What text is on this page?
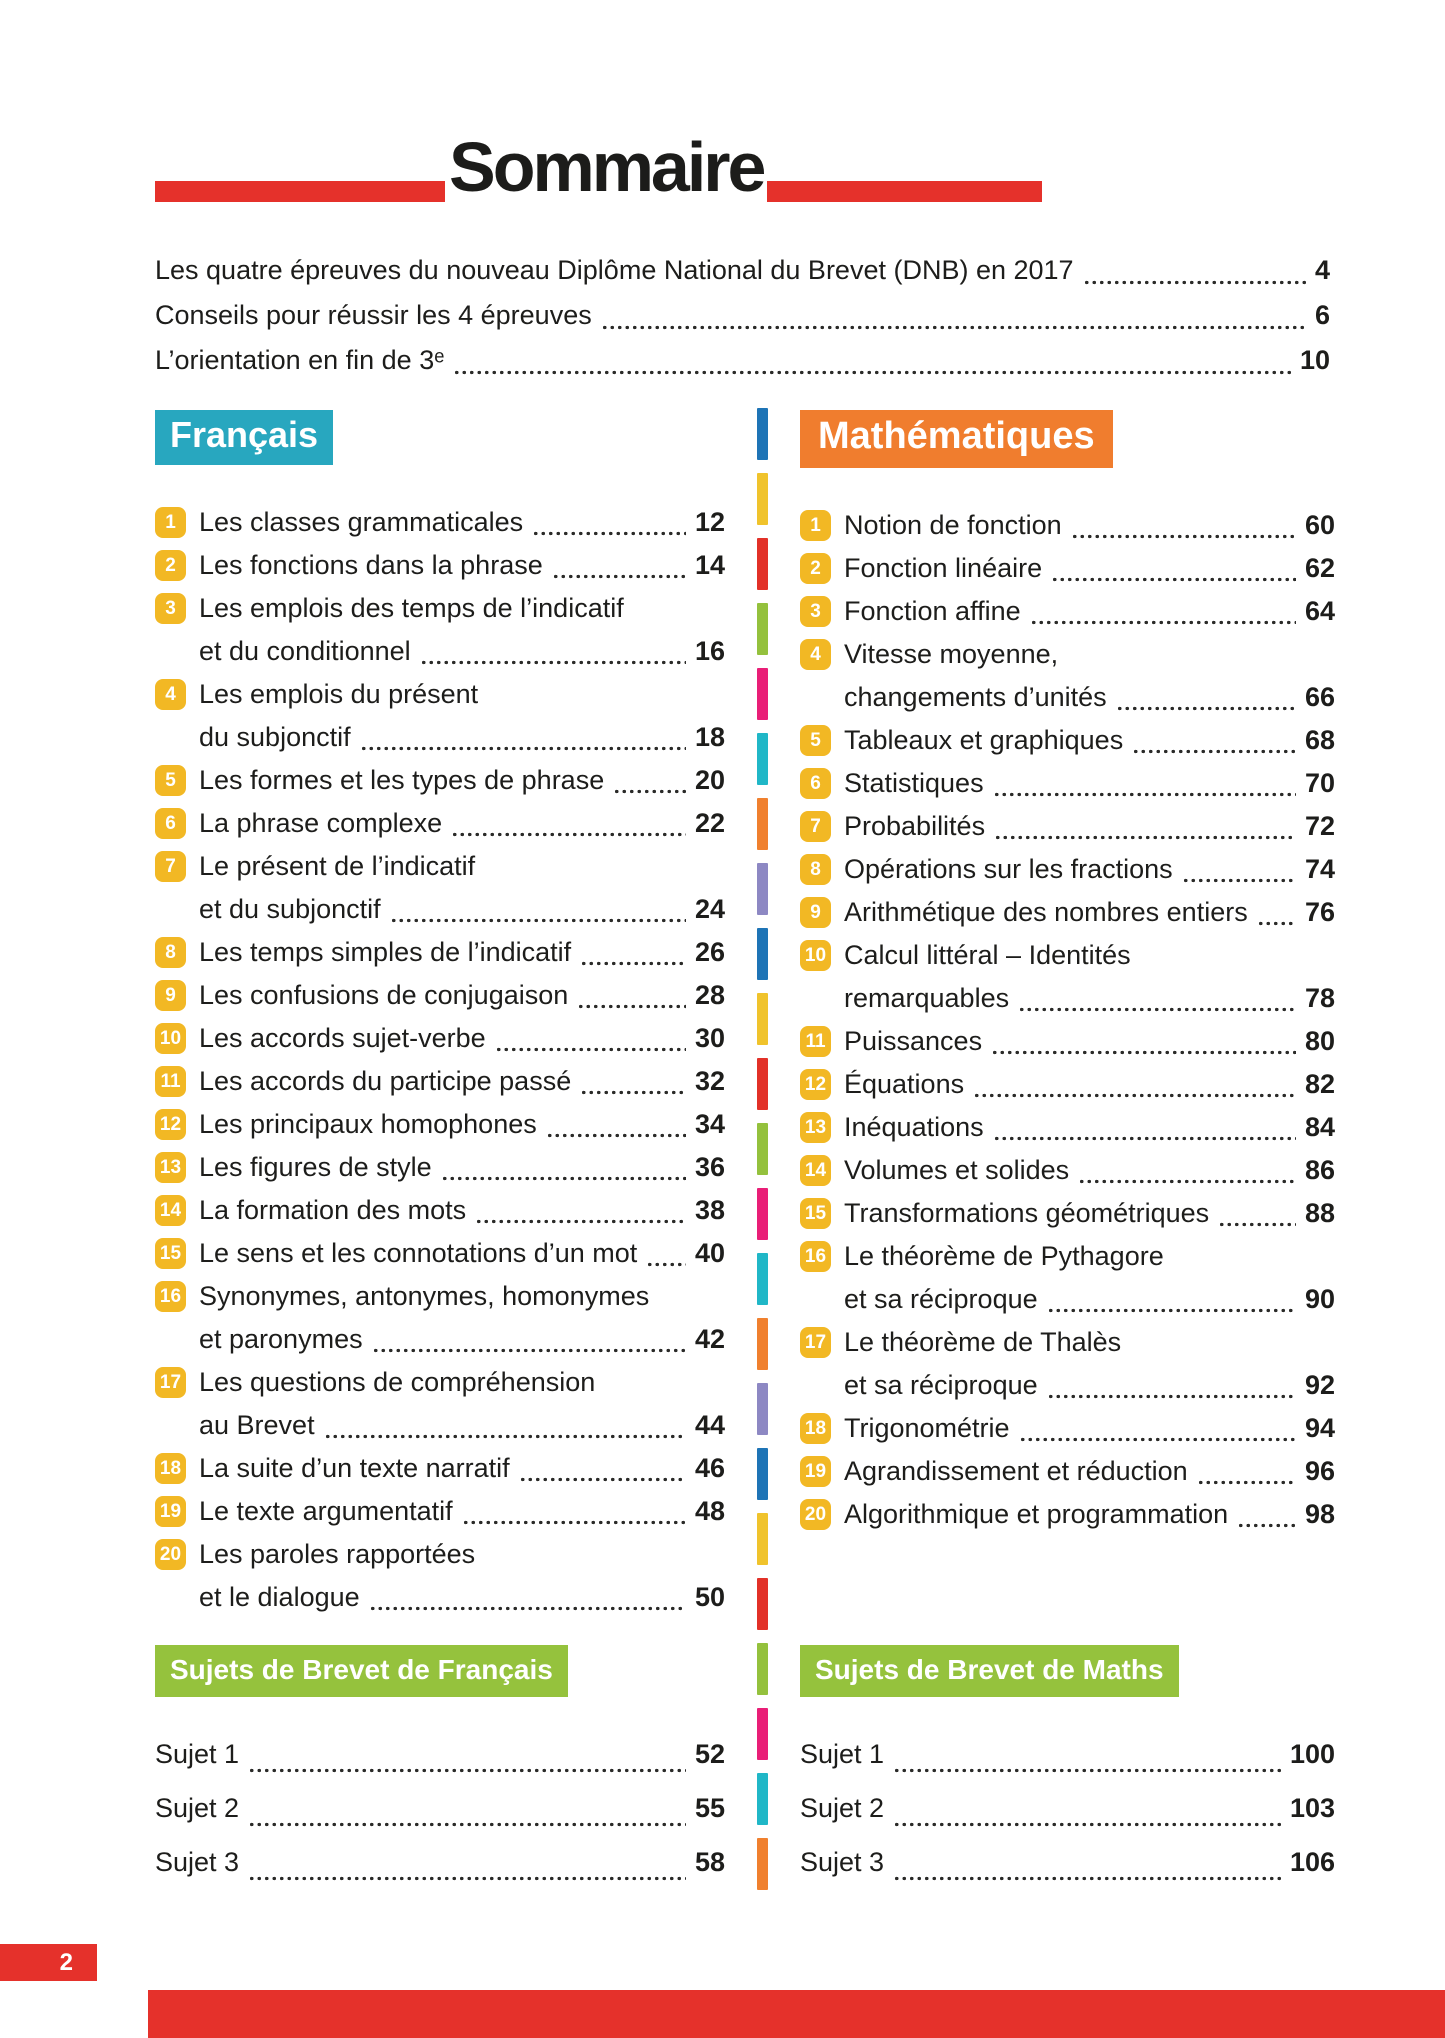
Sommaire
Les quatre épreuves du nouveau Diplôme National du Brevet (DNB) en 2017	4
Conseils pour réussir les 4 épreuves	6
L’orientation en fin de 3ᵉ	10
Français
1 Les classes grammaticales	12
2 Les fonctions dans la phrase	14
3 Les emplois des temps de l’indicatif
et du conditionnel	16
4 Les emplois du présent
du subjonctif	18
5 Les formes et les types de phrase	20
6 La phrase complexe	22
7 Le présent de l’indicatif
et du subjonctif	24
8 Les temps simples de l’indicatif	26
9 Les confusions de conjugaison	28
10 Les accords sujet-verbe	30
11 Les accords du participe passé	32
12 Les principaux homophones	34
13 Les figures de style	36
14 La formation des mots	38
15 Le sens et les connotations d’un mot 40
16 Synonymes, antonymes, homonymes
et paronymes	42
17 Les questions de compréhension
au Brevet	44
18 La suite d’un texte narratif	46
19 Le texte argumentatif	48
20 Les paroles rapportées
et le dialogue	50
Sujets de Brevet de Français
Sujet 1	52
Sujet 2	55
Sujet 3	58
Mathématiques
1 Notion de fonction	60
2 Fonction linéaire	62
3 Fonction affine	64
4 Vitesse moyenne,
changements d’unités	66
5 Tableaux et graphiques	68
6 Statistiques	70
7 Probabilités	72
8 Opérations sur les fractions	74
9 Arithmétique des nombres entiers 76
10 Calcul littéral – Identités
remarquables	78
11 Puissances	80
12 Équations	82
13 Inéquations	84
14 Volumes et solides	86
15 Transformations géométriques	88
16 Le théorème de Pythagore
et sa réciproque	90
17 Le théorème de Thalès
et sa réciproque	92
18 Trigonométrie	94
19 Agrandissement et réduction	96
20 Algorithmique et programmation	98
Sujets de Brevet de Maths
Sujet 1	100
Sujet 2	103
Sujet 3	106
2
